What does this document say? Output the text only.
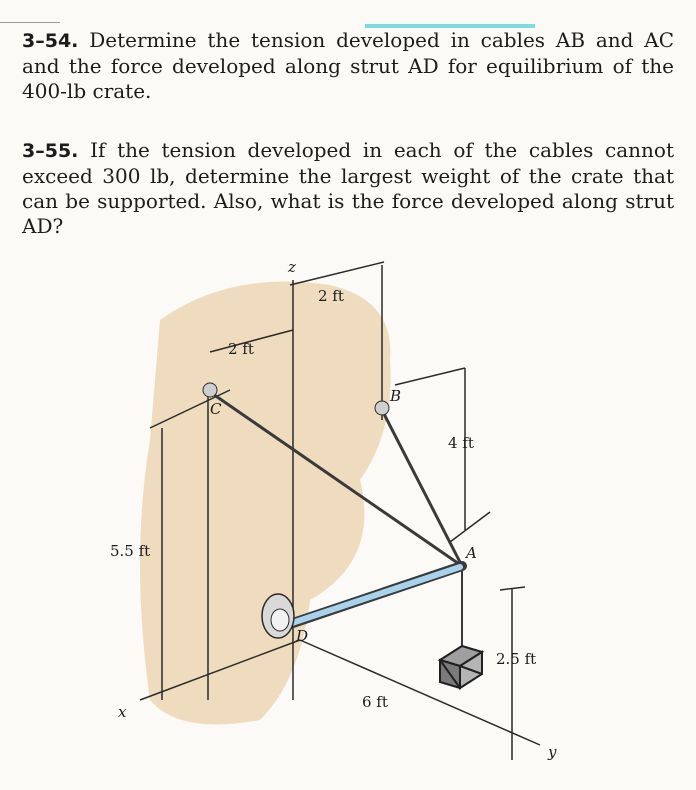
3–54. Determine the tension developed in cables AB and AC and the force developed along strut AD for equilibrium of the 400-lb crate.
3–55. If the tension developed in each of the cables cannot exceed 300 lb, determine the largest weight of the crate that can be supported. Also, what is the force developed along strut AD?
z
x
y
A
B
C
D
2 ft
2 ft
4 ft
5.5 ft
2.5 ft
6 ft
